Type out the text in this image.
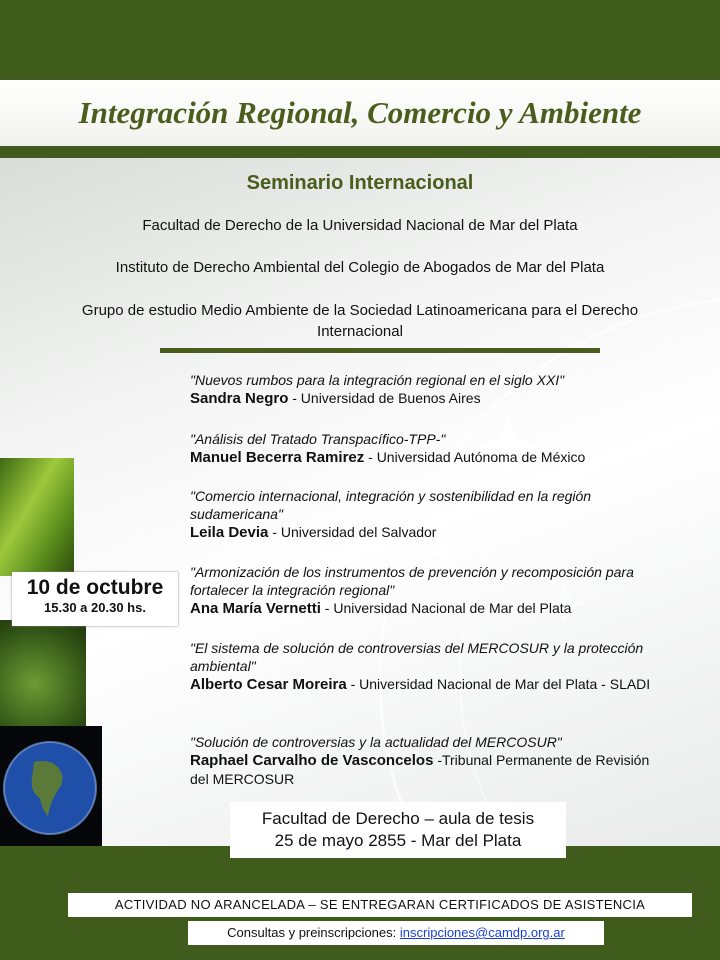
Integración Regional, Comercio y Ambiente
Seminario Internacional
Facultad de Derecho de la Universidad Nacional de Mar del Plata
Instituto de Derecho Ambiental del Colegio de Abogados de Mar del Plata
Grupo de estudio Medio Ambiente de la Sociedad Latinoamericana para el Derecho Internacional
"Nuevos rumbos para la integración regional en el siglo XXI"
Sandra Negro - Universidad de Buenos Aires
"Análisis del Tratado Transpacífico-TPP-"
Manuel Becerra Ramirez - Universidad Autónoma de México
"Comercio internacional, integración y sostenibilidad en la región sudamericana"
Leila Devia - Universidad del Salvador
"Armonización de los instrumentos de prevención y recomposición para fortalecer la integración regional"
Ana María Vernetti - Universidad Nacional de Mar del Plata
"El sistema de solución de controversias del MERCOSUR y la protección ambiental"
Alberto Cesar Moreira - Universidad Nacional de Mar del Plata - SLADI
"Solución de controversias y la actualidad del MERCOSUR"
Raphael Carvalho de Vasconcelos -Tribunal Permanente de Revisión del MERCOSUR
10 de octubre
15.30 a 20.30 hs.
Facultad de Derecho – aula de tesis
25 de mayo 2855 - Mar del Plata
ACTIVIDAD NO ARANCELADA – SE ENTREGARAN CERTIFICADOS DE ASISTENCIA
Consultas y preinscripciones: inscripciones@camdp.org.ar
